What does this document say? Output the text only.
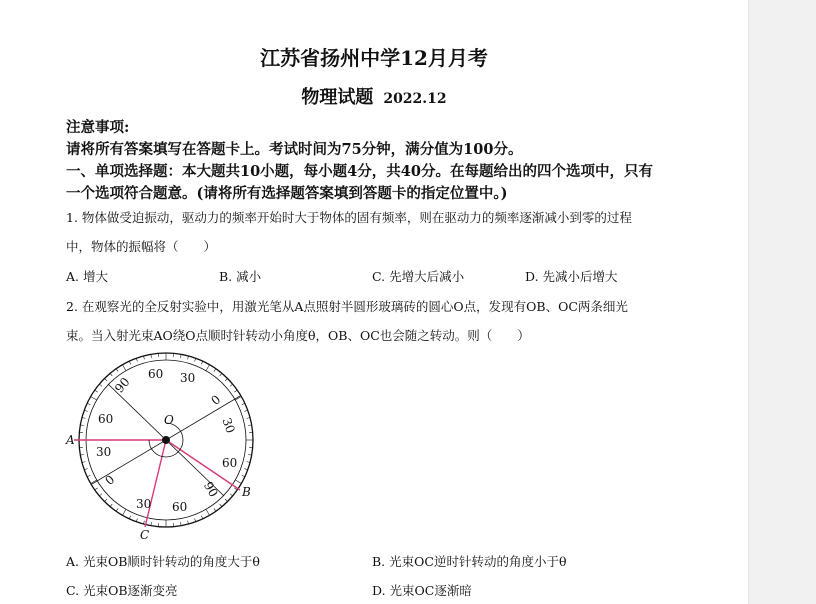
江苏省扬州中学12月月考
物理试题 2022.12
注意事项:
请将所有答案填写在答题卡上。考试时间为75分钟，满分值为100分。
一、单项选择题：本大题共10小题，每小题4分，共40分。在每题给出的四个选项中，只有
一个选项符合题意。(请将所有选择题答案填到答题卡的指定位置中。)
1. 物体做受迫振动，驱动力的频率开始时大于物体的固有频率，则在驱动力的频率逐渐减小到零的过程
中，物体的振幅将（　　）
A. 增大	B. 减小	C. 先增大后减小	D. 先减小后增大
2. 在观察光的全反射实验中，用激光笔从A点照射半圆形玻璃砖的圆心O点，发现有OB、OC两条细光
束。当入射光束AO绕O点顺时针转动小角度θ，OB、OC也会随之转动。则（　　）
60 30
90
60
30
30
60
90
30 60
0
0
A
B
C
O
A. 光束OB顺时针转动的角度大于θ	B. 光束OC逆时针转动的角度小于θ
C. 光束OB逐渐变亮	D. 光束OC逐渐暗
